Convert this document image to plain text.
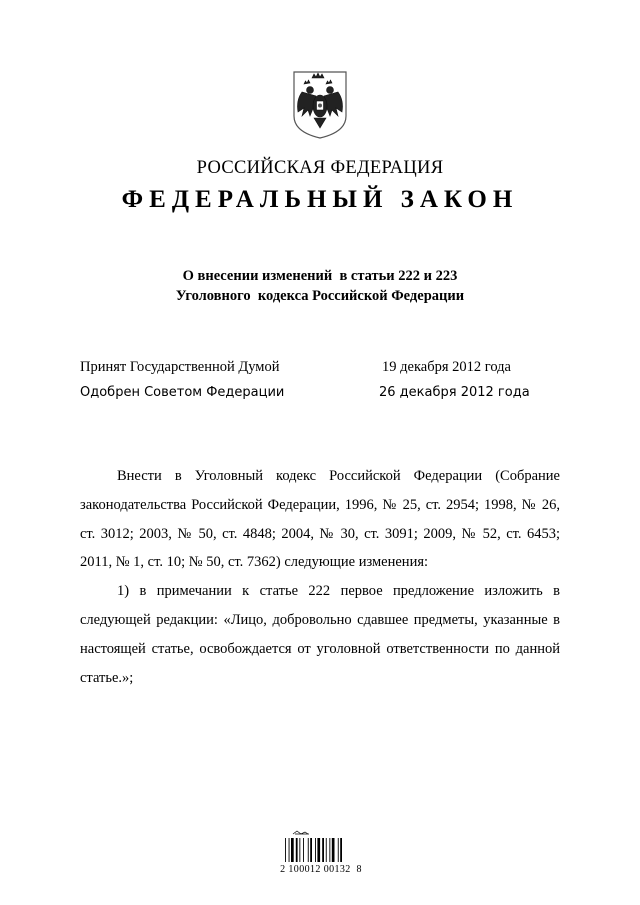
РОССИЙСКАЯ ФЕДЕРАЦИЯ
ФЕДЕРАЛЬНЫЙ ЗАКОН
О внесении изменений  в статьи 222 и 223
Уголовного  кодекса Российской Федерации
Принят Государственной Думой	19 декабря 2012 года
Одобрен Советом Федерации	26 декабря 2012 года

Внести в Уголовный кодекс Российской Федерации (Собрание законодательства Российской Федерации, 1996, № 25, ст. 2954; 1998, № 26, ст. 3012; 2003, № 50, ст. 4848; 2004, № 30, ст. 3091; 2009, № 52, ст. 6453; 2011, № 1, ст. 10; № 50, ст. 7362) следующие изменения:

1) в примечании к статье 222 первое предложение изложить в следующей редакции: «Лицо, добровольно сдавшее предметы, указанные в настоящей статье, освобождается от уголовной ответственности по данной статье.»;

2 100012 00132  8
